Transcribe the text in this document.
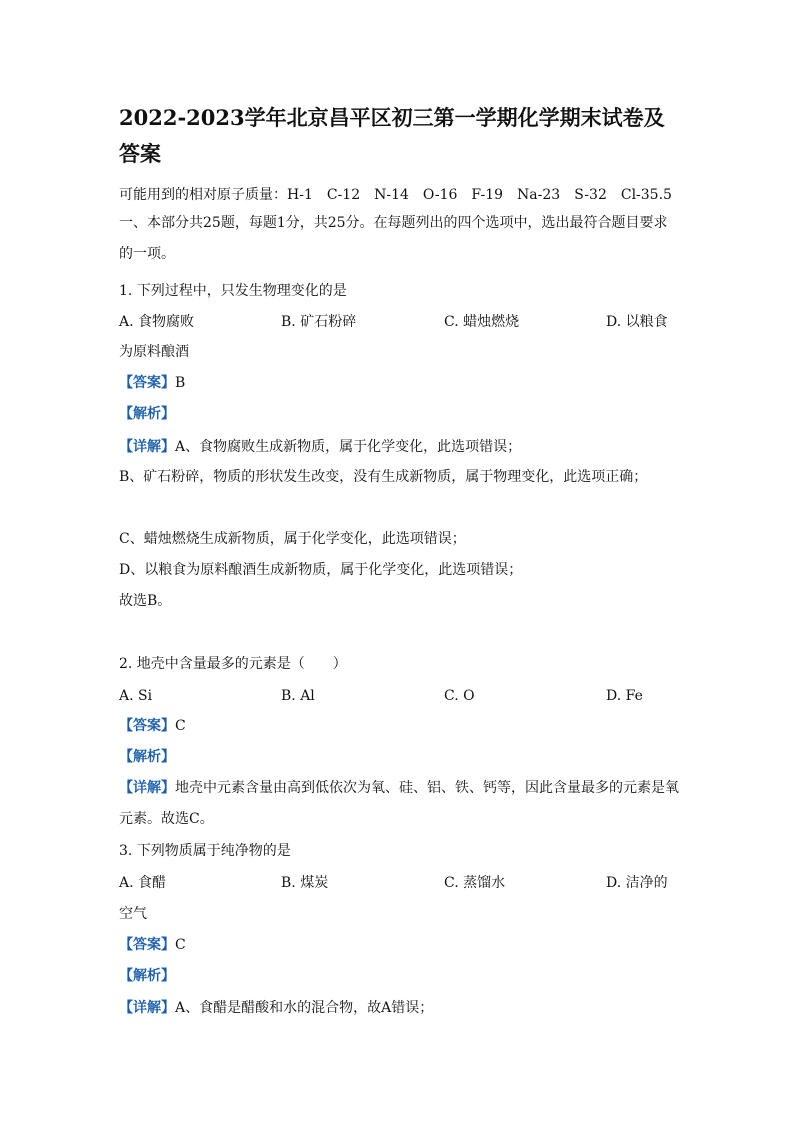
2022-2023学年北京昌平区初三第一学期化学期末试卷及答案
可能用到的相对原子质量：H-1　C-12　N-14　O-16　F-19　Na-23　S-32　Cl-35.5
一、本部分共25题，每题1分，共25分。在每题列出的四个选项中，选出最符合题目要求的一项。
1. 下列过程中，只发生物理变化的是
A. 食物腐败	B. 矿石粉碎	C. 蜡烛燃烧	D. 以粮食
为原料酿酒
【答案】B
【解析】
【详解】A、食物腐败生成新物质，属于化学变化，此选项错误；
B、矿石粉碎，物质的形状发生改变，没有生成新物质，属于物理变化，此选项正确；
C、蜡烛燃烧生成新物质，属于化学变化，此选项错误；
D、以粮食为原料酿酒生成新物质，属于化学变化，此选项错误；
故选B。
2. 地壳中含量最多的元素是（　　）
A. Si	B. Al	C. O	D. Fe
【答案】C
【解析】
【详解】地壳中元素含量由高到低依次为氧、硅、铝、铁、钙等，因此含量最多的元素是氧元素。故选C。
3. 下列物质属于纯净物的是
A. 食醋	B. 煤炭	C. 蒸馏水	D. 洁净的
空气
【答案】C
【解析】
【详解】A、食醋是醋酸和水的混合物，故A错误；
